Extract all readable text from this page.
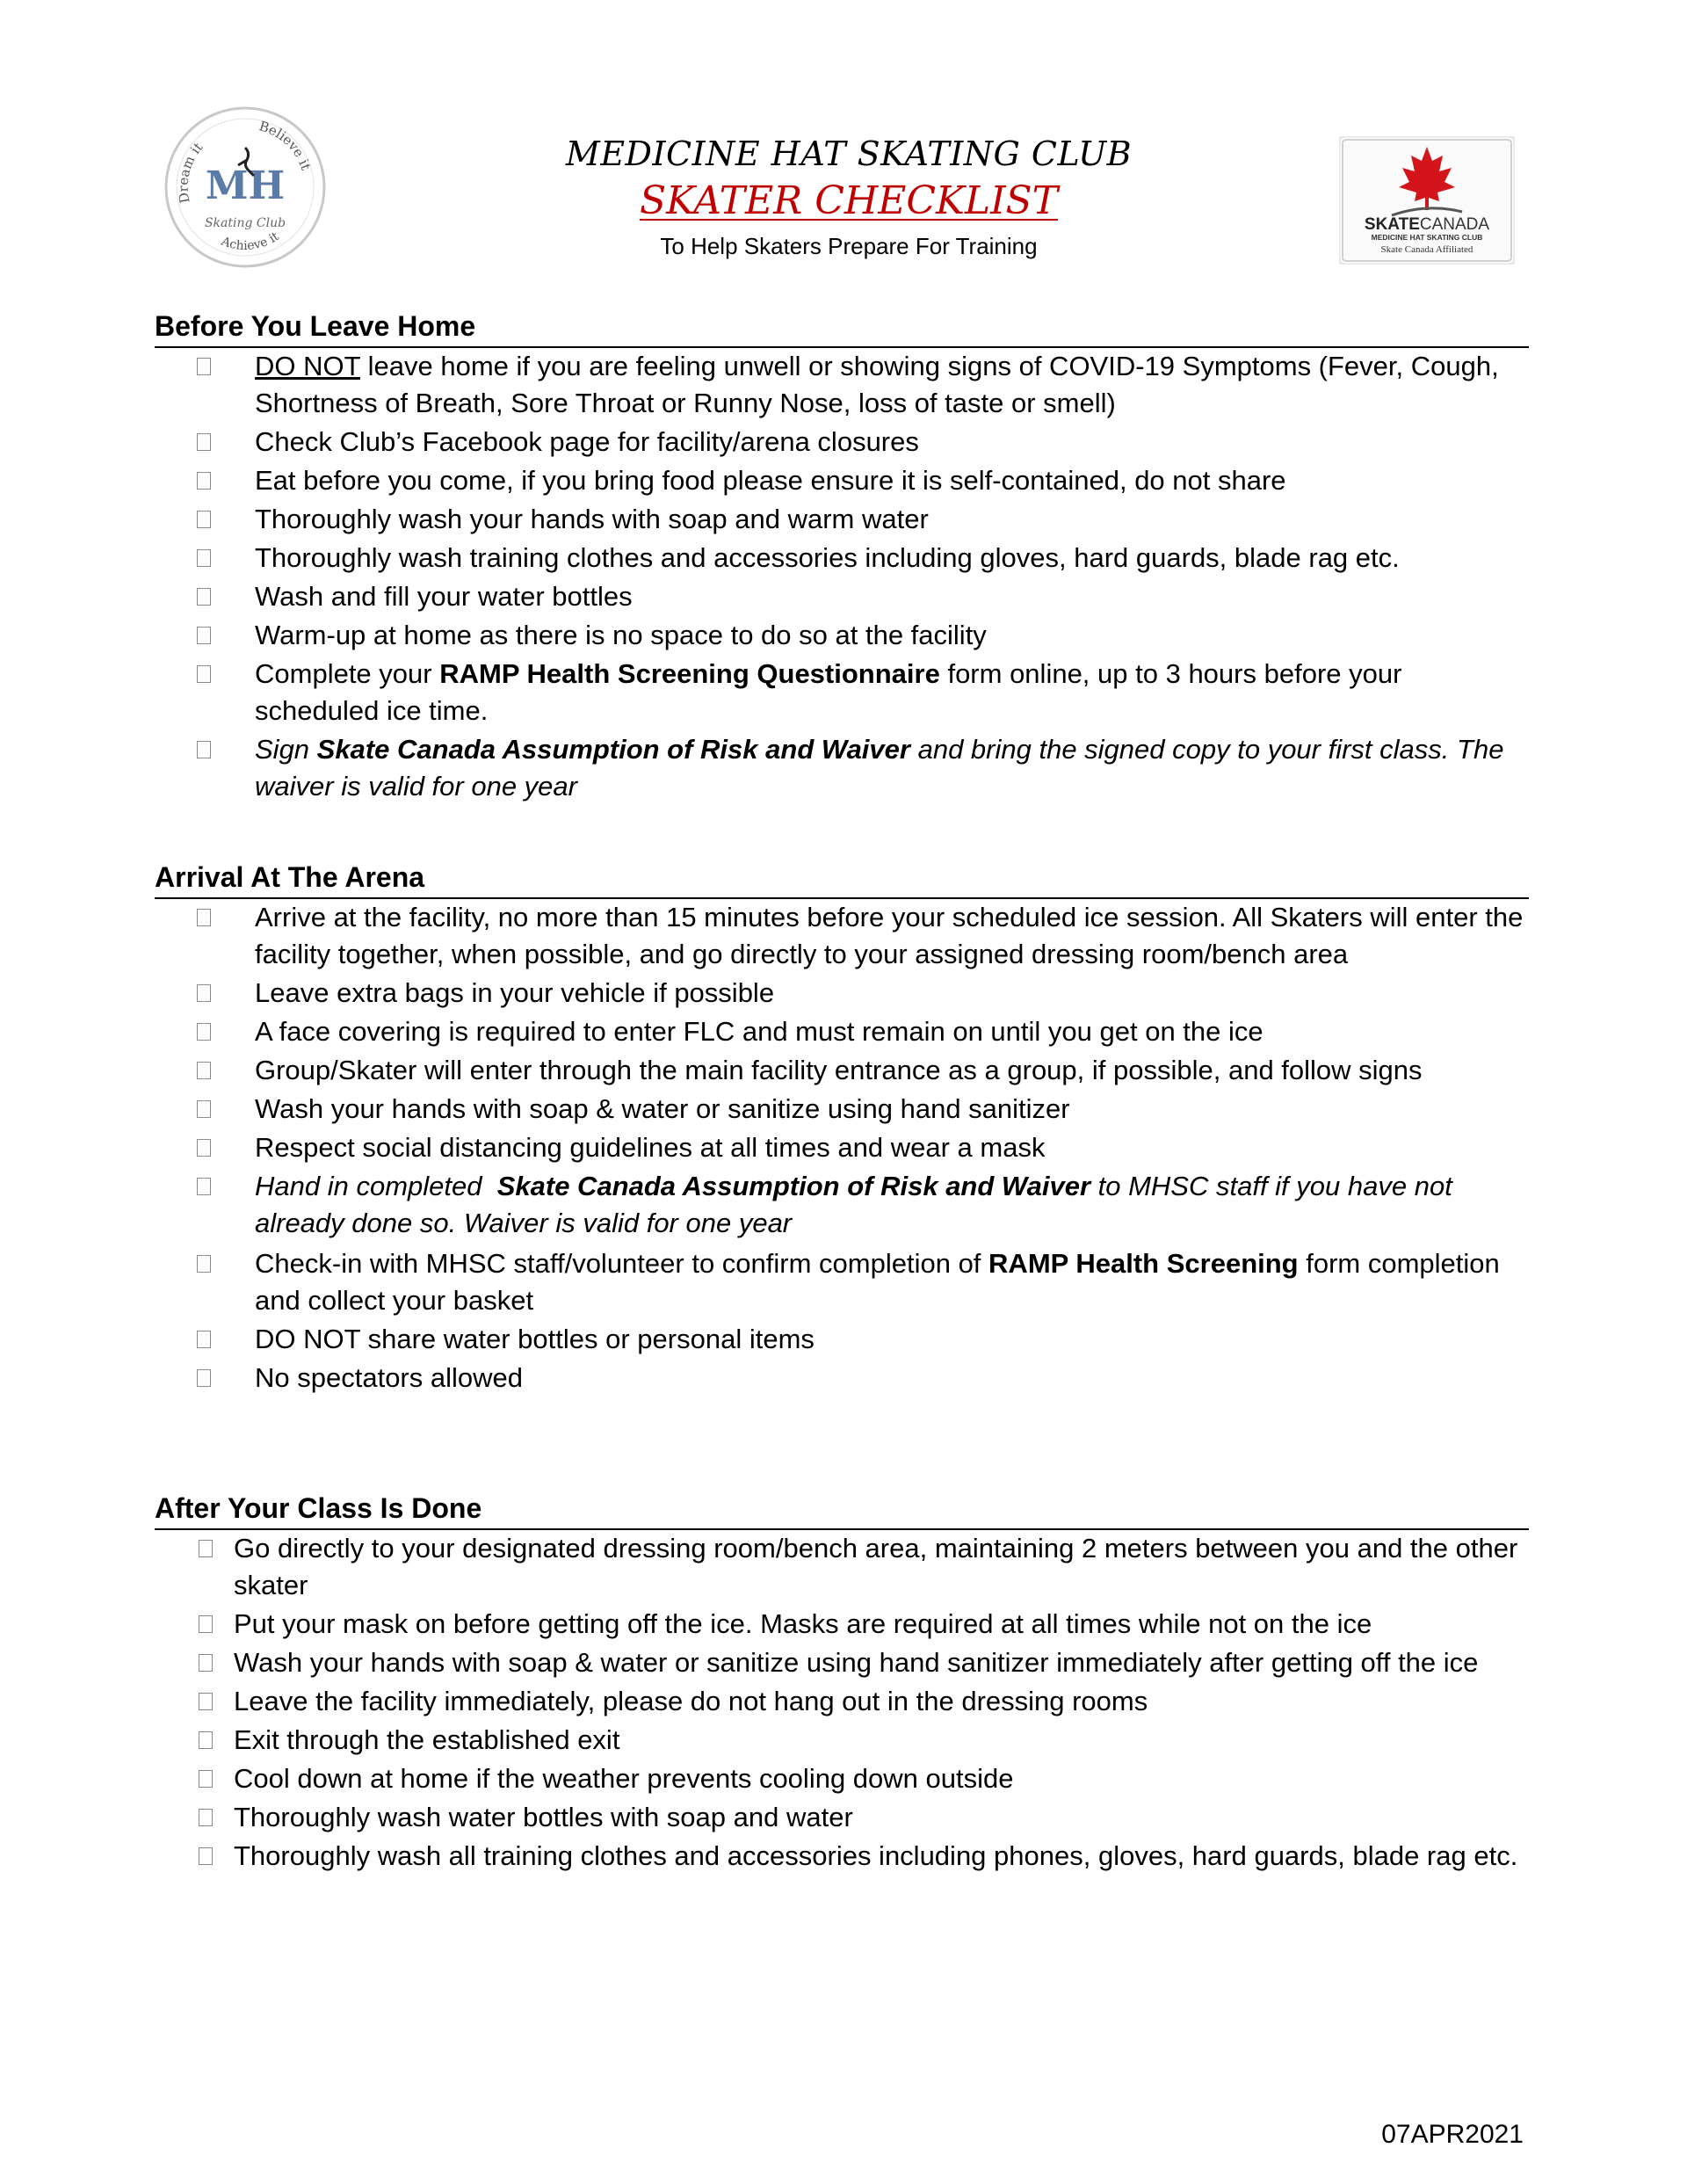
Dream it
Believe it
Achieve it
MH
Skating Club
MEDICINE HAT SKATING CLUB
SKATER CHECKLIST
To Help Skaters Prepare For Training
SKATECANADA
MEDICINE HAT SKATING CLUB
Skate Canada Affiliated
Before You Leave Home
DO NOT leave home if you are feeling unwell or showing signs of COVID-19 Symptoms (Fever, Cough, Shortness of Breath, Sore Throat or Runny Nose, loss of taste or smell)
Check Club’s Facebook page for facility/arena closures
Eat before you come, if you bring food please ensure it is self-contained, do not share
Thoroughly wash your hands with soap and warm water
Thoroughly wash training clothes and accessories including gloves, hard guards, blade rag etc.
Wash and fill your water bottles
Warm-up at home as there is no space to do so at the facility
Complete your RAMP Health Screening Questionnaire form online, up to 3 hours before your scheduled ice time.
Sign Skate Canada Assumption of Risk and Waiver and bring the signed copy to your first class. The waiver is valid for one year
Arrival At The Arena
Arrive at the facility, no more than 15 minutes before your scheduled ice session. All Skaters will enter the facility together, when possible, and go directly to your assigned dressing room/bench area
Leave extra bags in your vehicle if possible
A face covering is required to enter FLC and must remain on until you get on the ice
Group/Skater will enter through the main facility entrance as a group, if possible, and follow signs
Wash your hands with soap & water or sanitize using hand sanitizer
Respect social distancing guidelines at all times and wear a mask
Hand in completed  Skate Canada Assumption of Risk and Waiver to MHSC staff if you have not already done so. Waiver is valid for one year
Check-in with MHSC staff/volunteer to confirm completion of RAMP Health Screening form completion and collect your basket
DO NOT share water bottles or personal items
No spectators allowed
After Your Class Is Done
Go directly to your designated dressing room/bench area, maintaining 2 meters between you and the other skater
Put your mask on before getting off the ice. Masks are required at all times while not on the ice
Wash your hands with soap & water or sanitize using hand sanitizer immediately after getting off the ice
Leave the facility immediately, please do not hang out in the dressing rooms
Exit through the established exit
Cool down at home if the weather prevents cooling down outside
Thoroughly wash water bottles with soap and water
Thoroughly wash all training clothes and accessories including phones, gloves, hard guards, blade rag etc.
07APR2021
